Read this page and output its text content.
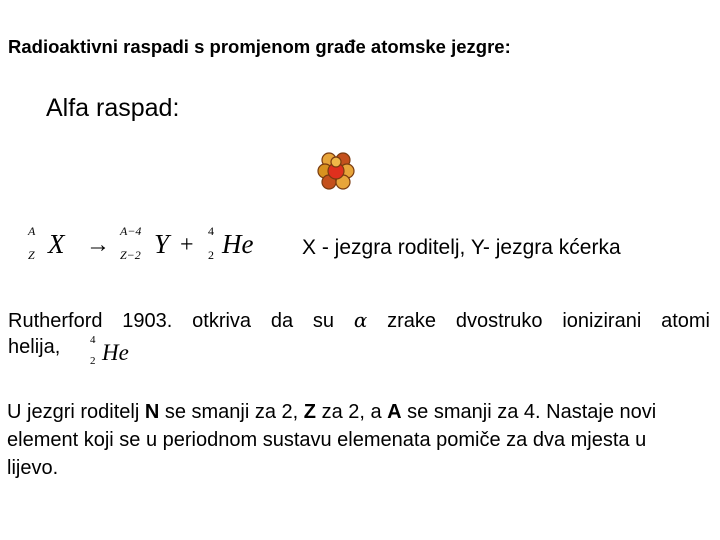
Radioaktivni raspadi s promjenom građe atomske jezgre:
Alfa raspad:
A
Z X →
A−4
Z−2 Y +
4
2 He X - jezgra roditelj, Y- jezgra kćerka
Rutherford 1903. otkriva da su α zrake dvostruko ionizirani atomi
helija,	4
2 He
U jezgri roditelj N se smanji za 2, Z za 2, a A se smanji za 4. Nastaje novi element koji se u periodnom sustavu elemenata pomiče za dva mjesta u lijevo.
